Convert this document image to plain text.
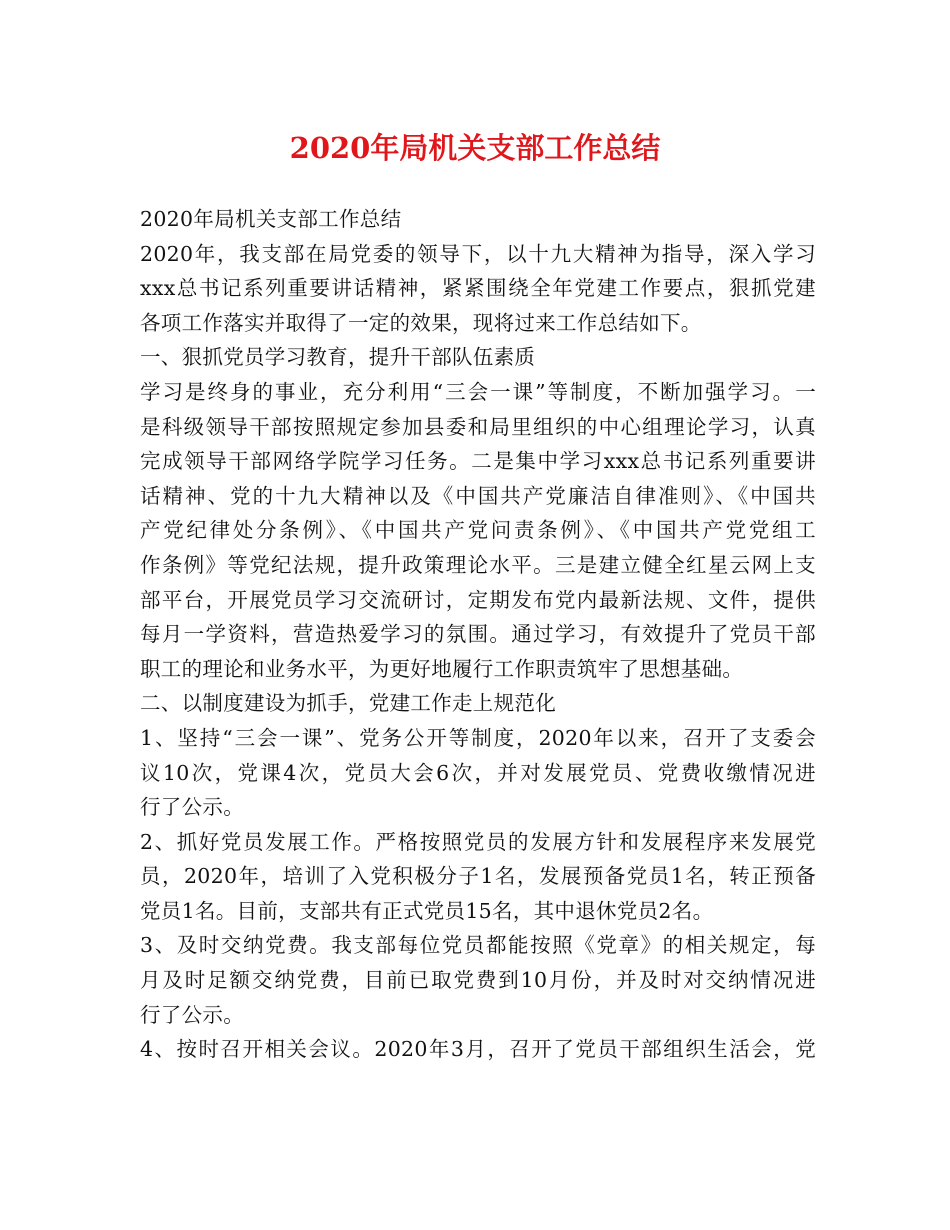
2020年局机关支部工作总结
2020年局机关支部工作总结
2020年，我支部在局党委的领导下，以十九大精神为指导，深入学习
xxx总书记系列重要讲话精神，紧紧围绕全年党建工作要点，狠抓党建
各项工作落实并取得了一定的效果，现将过来工作总结如下。
一、狠抓党员学习教育，提升干部队伍素质
学习是终身的事业，充分利用“三会一课”等制度，不断加强学习。一
是科级领导干部按照规定参加县委和局里组织的中心组理论学习，认真
完成领导干部网络学院学习任务。二是集中学习xxx总书记系列重要讲
话精神、党的十九大精神以及《中国共产党廉洁自律准则》、《中国共
产党纪律处分条例》、《中国共产党问责条例》、《中国共产党党组工
作条例》等党纪法规，提升政策理论水平。三是建立健全红星云网上支
部平台，开展党员学习交流研讨，定期发布党内最新法规、文件，提供
每月一学资料，营造热爱学习的氛围。通过学习，有效提升了党员干部
职工的理论和业务水平，为更好地履行工作职责筑牢了思想基础。
二、以制度建设为抓手，党建工作走上规范化
1、坚持“三会一课”、党务公开等制度，2020年以来，召开了支委会
议10次，党课4次，党员大会6次，并对发展党员、党费收缴情况进
行了公示。
2、抓好党员发展工作。严格按照党员的发展方针和发展程序来发展党
员，2020年，培训了入党积极分子1名，发展预备党员1名，转正预备
党员1名。目前，支部共有正式党员15名，其中退休党员2名。
3、及时交纳党费。我支部每位党员都能按照《党章》的相关规定，每
月及时足额交纳党费，目前已取党费到10月份，并及时对交纳情况进
行了公示。
4、按时召开相关会议。2020年3月，召开了党员干部组织生活会，党
